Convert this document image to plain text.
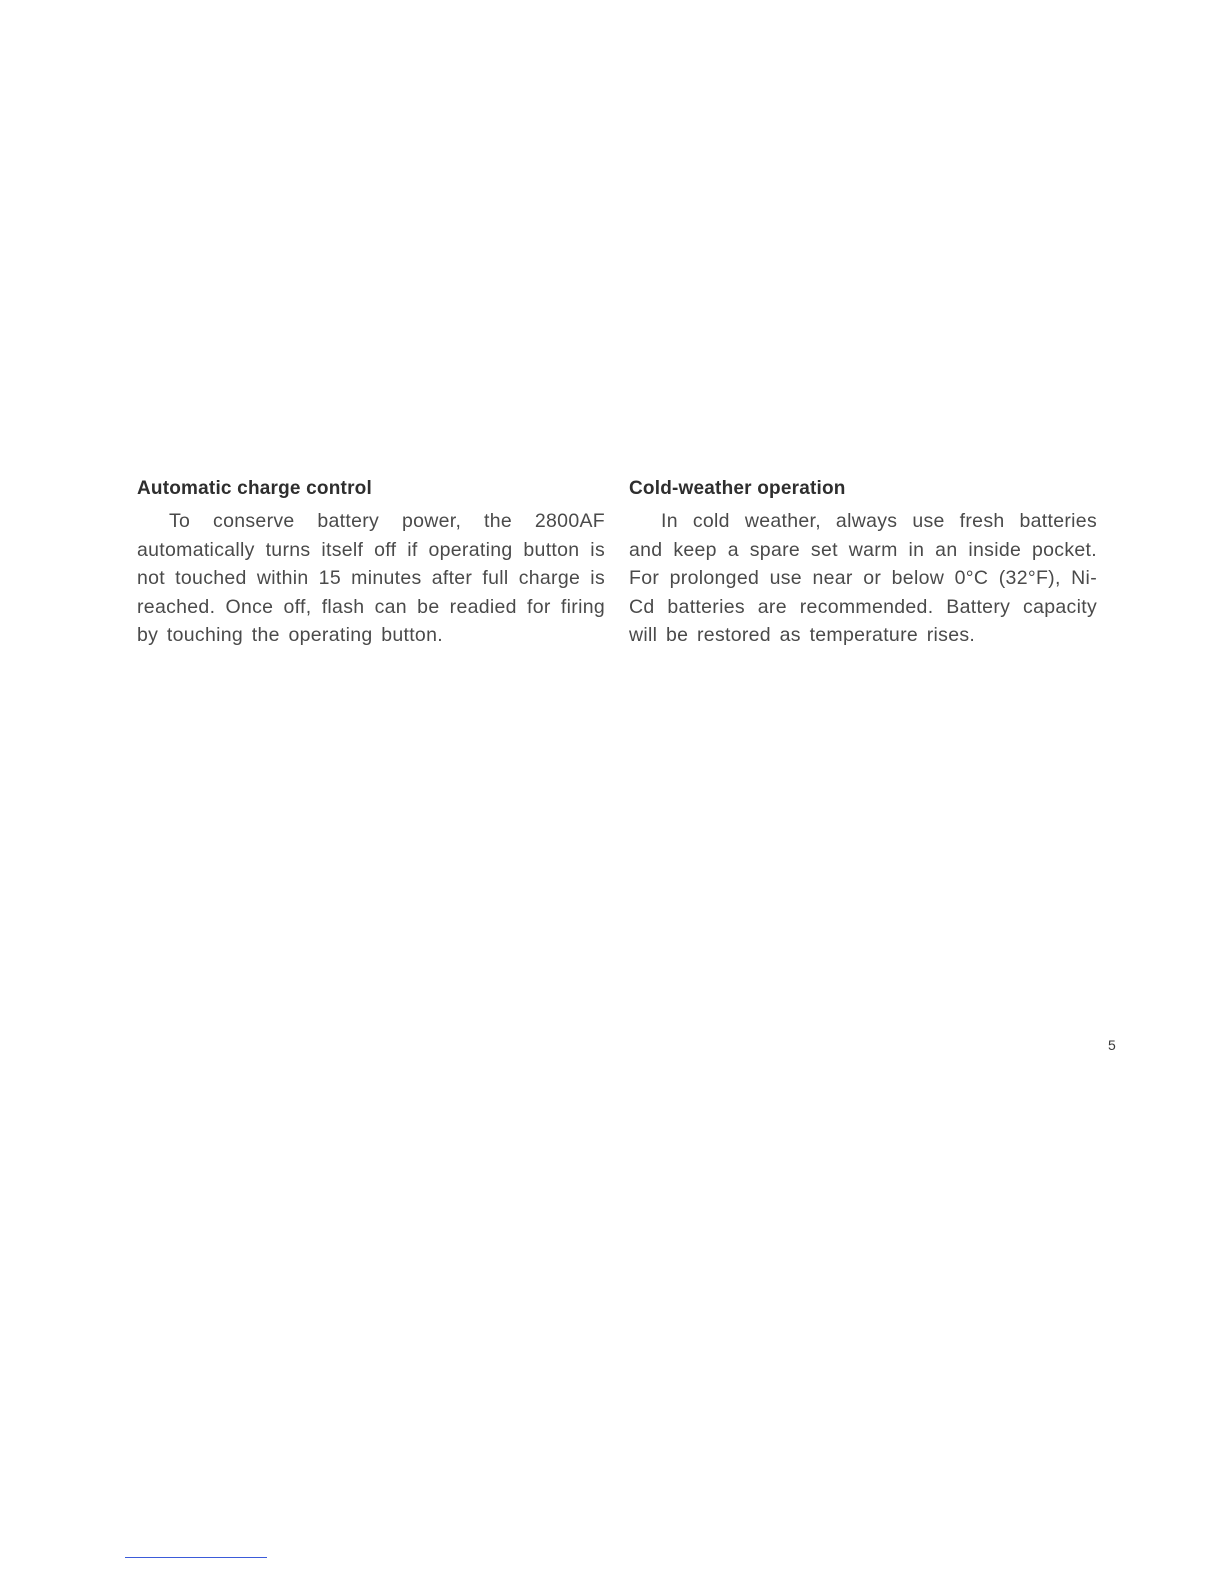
Automatic charge control

To conserve battery power, the 2800AF automatically turns itself off if operating button is not touched within 15 minutes after full charge is reached. Once off, flash can be readied for firing by touching the operating button.

Cold-weather operation

In cold weather, always use fresh batteries and keep a spare set warm in an inside pocket. For prolonged use near or below 0°C (32°F), Ni-Cd batteries are recommended. Battery capacity will be restored as temperature rises.

5
